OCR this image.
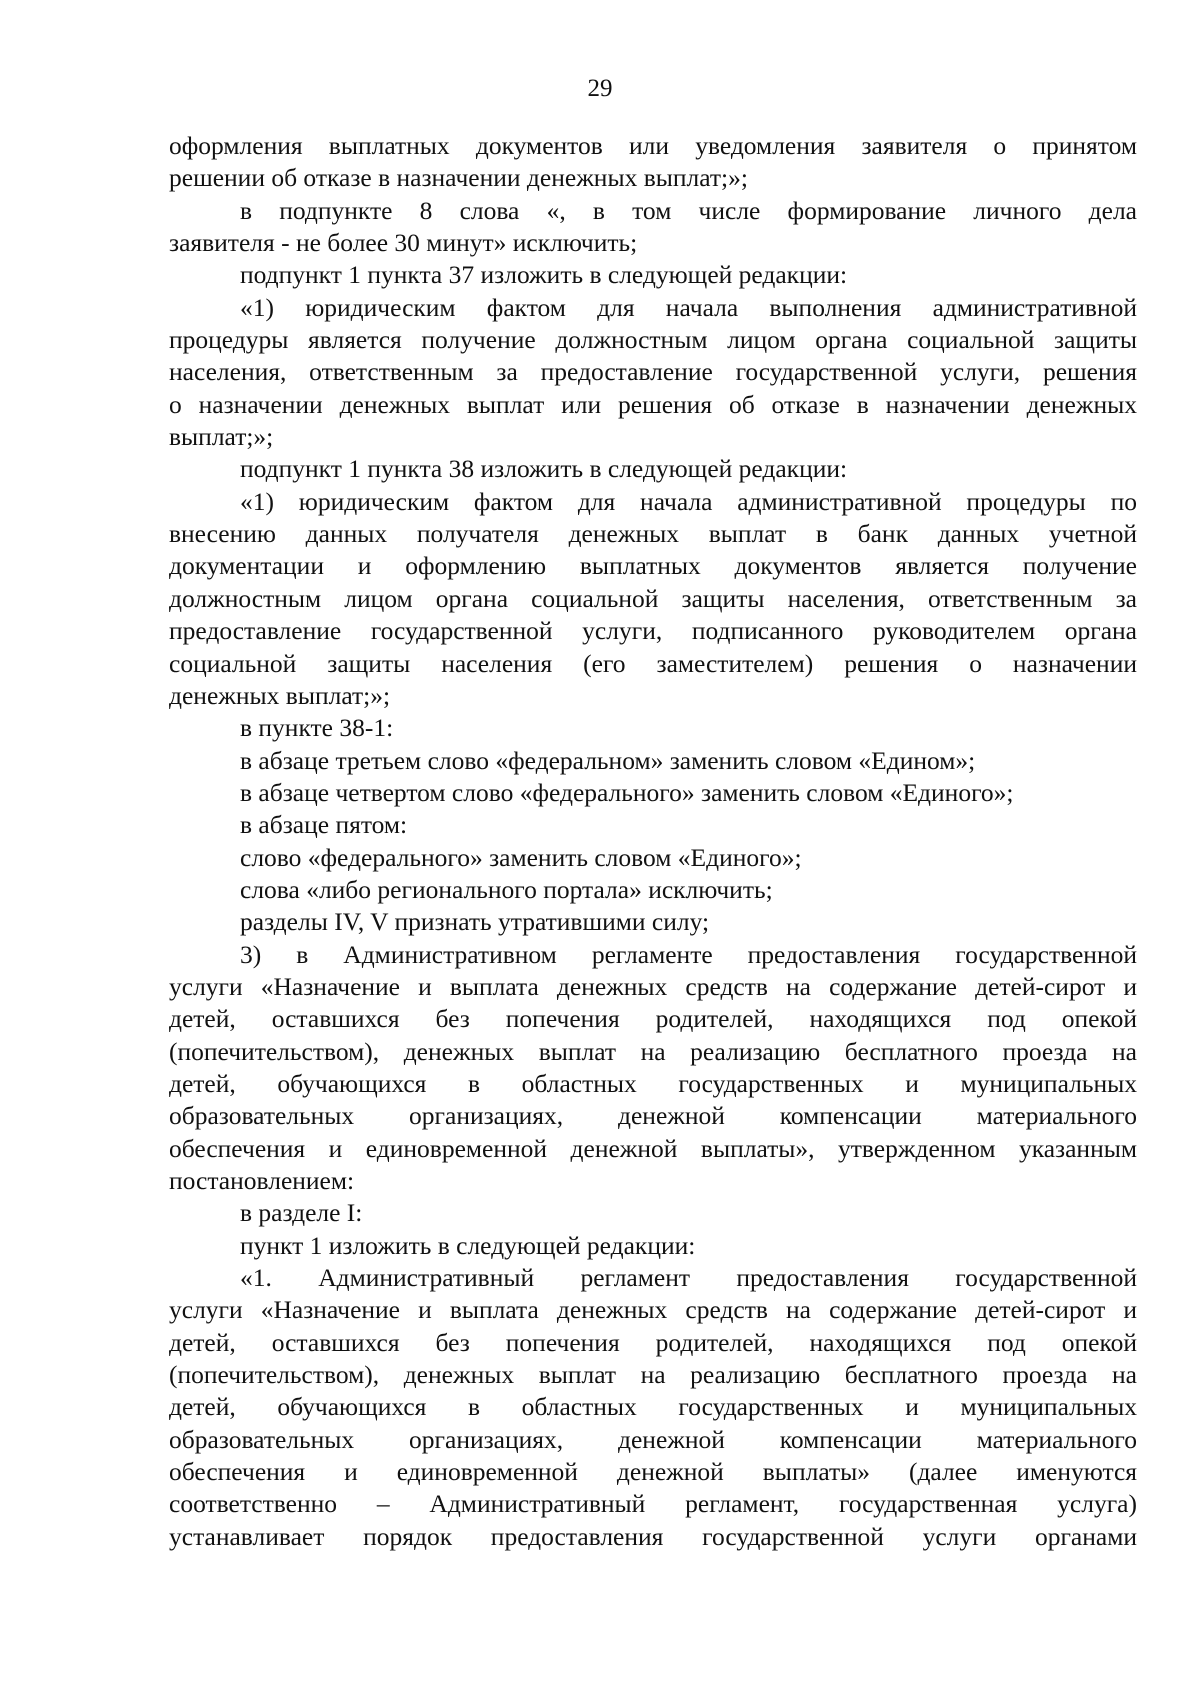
29
оформления выплатных документов или уведомления заявителя о принятом
решении об отказе в назначении денежных выплат;»;
в подпункте 8 слова «, в том числе формирование личного дела
заявителя - не более 30 минут» исключить;
подпункт 1 пункта 37 изложить в следующей редакции:
«1) юридическим фактом для начала выполнения административной
процедуры является получение должностным лицом органа социальной защиты
населения, ответственным за предоставление государственной услуги, решения
о назначении денежных выплат или решения об отказе в назначении денежных
выплат;»;
подпункт 1 пункта 38 изложить в следующей редакции:
«1) юридическим фактом для начала административной процедуры по
внесению данных получателя денежных выплат в банк данных учетной
документации и оформлению выплатных документов является получение
должностным лицом органа социальной защиты населения, ответственным за
предоставление государственной услуги, подписанного руководителем органа
социальной защиты населения (его заместителем) решения о назначении
денежных выплат;»;
в пункте 38-1:
в абзаце третьем слово «федеральном» заменить словом «Едином»;
в абзаце четвертом слово «федерального» заменить словом «Единого»;
в абзаце пятом:
слово «федерального» заменить словом «Единого»;
слова «либо регионального портала» исключить;
разделы IV, V признать утратившими силу;
3) в Административном регламенте предоставления государственной
услуги «Назначение и выплата денежных средств на содержание детей-сирот и
детей, оставшихся без попечения родителей, находящихся под опекой
(попечительством), денежных выплат на реализацию бесплатного проезда на
детей, обучающихся в областных государственных и муниципальных
образовательных организациях, денежной компенсации материального
обеспечения и единовременной денежной выплаты», утвержденном указанным
постановлением:
в разделе I:
пункт 1 изложить в следующей редакции:
«1. Административный регламент предоставления государственной
услуги «Назначение и выплата денежных средств на содержание детей-сирот и
детей, оставшихся без попечения родителей, находящихся под опекой
(попечительством), денежных выплат на реализацию бесплатного проезда на
детей, обучающихся в областных государственных и муниципальных
образовательных организациях, денежной компенсации материального
обеспечения и единовременной денежной выплаты» (далее именуются
соответственно – Административный регламент, государственная услуга)
устанавливает порядок предоставления государственной услуги органами
